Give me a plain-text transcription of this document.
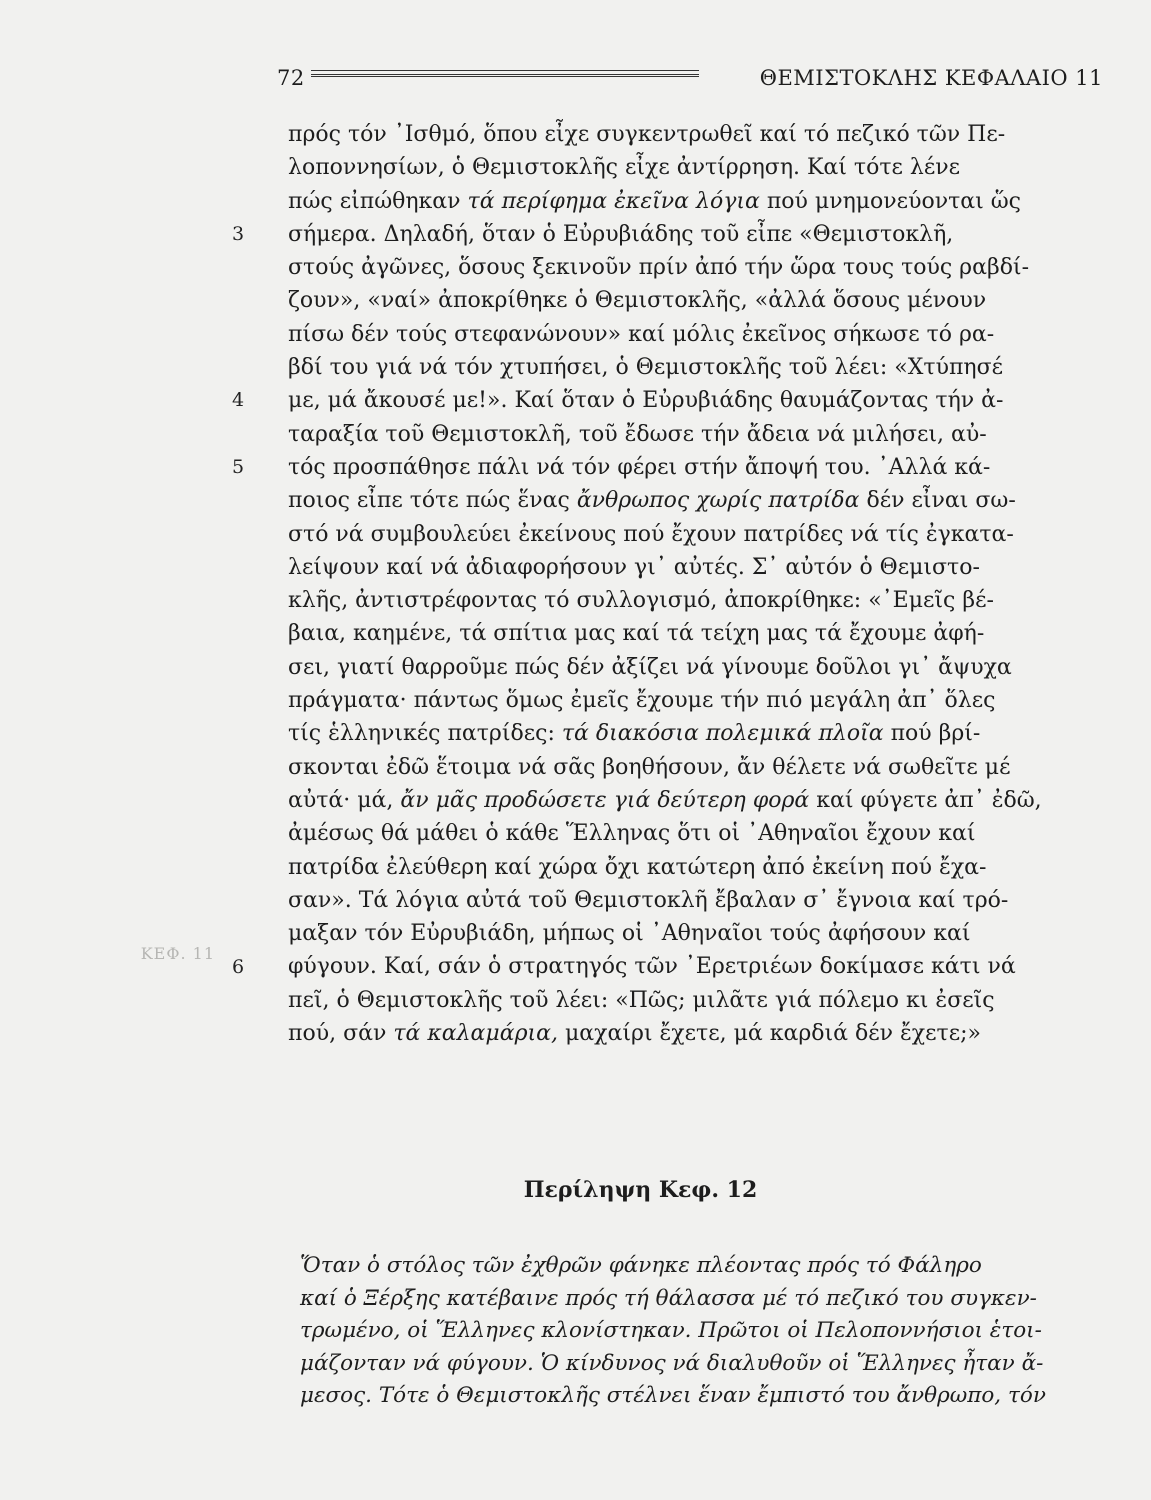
72	ΘΕΜΙΣΤΟΚΛΗΣ ΚΕΦΑΛΑΙΟ 11
ΚΕΦ. 11
3
4
5
6
πρός τόν ᾿Ισθμό, ὅπου εἶχε συγκεντρωθεῖ καί τό πεζικό τῶν Πε-
λοποννησίων, ὁ Θεμιστοκλῆς εἶχε ἀντίρρηση. Καί τότε λένε
πώς εἰπώθηκαν τά περίφημα ἐκεῖνα λόγια πού μνημονεύονται ὥς
σήμερα. Δηλαδή, ὅταν ὁ Εὐρυβιάδης τοῦ εἶπε «Θεμιστοκλῆ,
στούς ἀγῶνες, ὅσους ξεκινοῦν πρίν ἀπό τήν ὥρα τους τούς ραβδί-
ζουν», «ναί» ἀποκρίθηκε ὁ Θεμιστοκλῆς, «ἀλλά ὅσους μένουν
πίσω δέν τούς στεφανώνουν» καί μόλις ἐκεῖνος σήκωσε τό ρα-
βδί του γιά νά τόν χτυπήσει, ὁ Θεμιστοκλῆς τοῦ λέει: «Χτύπησέ
με, μά ἄκουσέ με!». Καί ὅταν ὁ Εὐρυβιάδης θαυμάζοντας τήν ἀ-
ταραξία τοῦ Θεμιστοκλῆ, τοῦ ἔδωσε τήν ἄδεια νά μιλήσει, αὐ-
τός προσπάθησε πάλι νά τόν φέρει στήν ἄποψή του. ᾿Αλλά κά-
ποιος εἶπε τότε πώς ἕνας ἄνθρωπος χωρίς πατρίδα δέν εἶναι σω-
στό νά συμβουλεύει ἐκείνους πού ἔχουν πατρίδες νά τίς ἐγκατα-
λείψουν καί νά ἀδιαφορήσουν γι᾿ αὐτές. Σ᾿ αὐτόν ὁ Θεμιστο-
κλῆς, ἀντιστρέφοντας τό συλλογισμό, ἀποκρίθηκε: «᾿Εμεῖς βέ-
βαια, καημένε, τά σπίτια μας καί τά τείχη μας τά ἔχουμε ἀφή-
σει, γιατί θαρροῦμε πώς δέν ἀξίζει νά γίνουμε δοῦλοι γι᾿ ἄψυχα
πράγματα· πάντως ὅμως ἐμεῖς ἔχουμε τήν πιό μεγάλη ἀπ᾿ ὅλες
τίς ἑλληνικές πατρίδες: τά διακόσια πολεμικά πλοῖα πού βρί-
σκονται ἐδῶ ἕτοιμα νά σᾶς βοηθήσουν, ἄν θέλετε νά σωθεῖτε μέ
αὐτά· μά, ἄν μᾶς προδώσετε γιά δεύτερη φορά καί φύγετε ἀπ᾿ ἐδῶ,
ἀμέσως θά μάθει ὁ κάθε Ἕλληνας ὅτι οἱ ᾿Αθηναῖοι ἔχουν καί
πατρίδα ἐλεύθερη καί χώρα ὄχι κατώτερη ἀπό ἐκείνη πού ἔχα-
σαν». Τά λόγια αὐτά τοῦ Θεμιστοκλῆ ἔβαλαν σ᾿ ἔγνοια καί τρό-
μαξαν τόν Εὐρυβιάδη, μήπως οἱ ᾿Αθηναῖοι τούς ἀφήσουν καί
φύγουν. Καί, σάν ὁ στρατηγός τῶν ᾿Ερετριέων δοκίμασε κάτι νά
πεῖ, ὁ Θεμιστοκλῆς τοῦ λέει: «Πῶς; μιλᾶτε γιά πόλεμο κι ἐσεῖς
πού, σάν τά καλαμάρια, μαχαίρι ἔχετε, μά καρδιά δέν ἔχετε;»
Περίληψη Κεφ. 12
Ὅταν ὁ στόλος τῶν ἐχθρῶν φάνηκε πλέοντας πρός τό Φάληρο
καί ὁ Ξέρξης κατέβαινε πρός τή θάλασσα μέ τό πεζικό του συγκεν-
τρωμένο, οἱ Ἕλληνες κλονίστηκαν. Πρῶτοι οἱ Πελοποννήσιοι ἑτοι-
μάζονταν νά φύγουν. Ὁ κίνδυνος νά διαλυθοῦν οἱ Ἕλληνες ἦταν ἄ-
μεσος. Τότε ὁ Θεμιστοκλῆς στέλνει ἕναν ἔμπιστό του ἄνθρωπο, τόν
